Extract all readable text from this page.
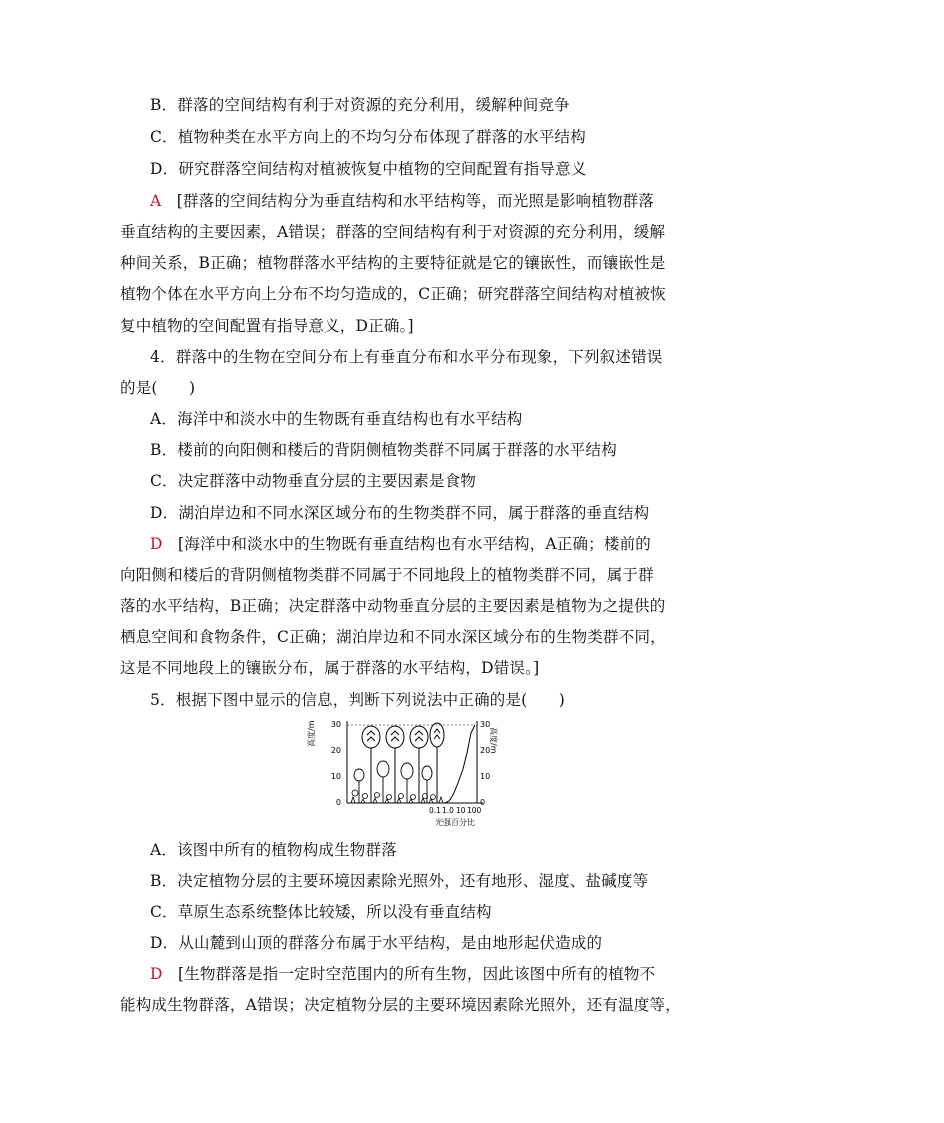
B．群落的空间结构有利于对资源的充分利用，缓解种间竞争
C．植物种类在水平方向上的不均匀分布体现了群落的水平结构
D．研究群落空间结构对植被恢复中植物的空间配置有指导意义
A [群落的空间结构分为垂直结构和水平结构等，而光照是影响植物群落
垂直结构的主要因素，A错误；群落的空间结构有利于对资源的充分利用，缓解
种间关系，B正确；植物群落水平结构的主要特征就是它的镶嵌性，而镶嵌性是
植物个体在水平方向上分布不均匀造成的，C正确；研究群落空间结构对植被恢
复中植物的空间配置有指导意义，D正确。]
4．群落中的生物在空间分布上有垂直分布和水平分布现象，下列叙述错误
的是(　　)
A．海洋中和淡水中的生物既有垂直结构也有水平结构
B．楼前的向阳侧和楼后的背阴侧植物类群不同属于群落的水平结构
C．决定群落中动物垂直分层的主要因素是食物
D．湖泊岸边和不同水深区域分布的生物类群不同，属于群落的垂直结构
D [海洋中和淡水中的生物既有垂直结构也有水平结构，A正确；楼前的
向阳侧和楼后的背阴侧植物类群不同属于不同地段上的植物类群不同，属于群
落的水平结构，B正确；决定群落中动物垂直分层的主要因素是植物为之提供的
栖息空间和食物条件，C正确；湖泊岸边和不同水深区域分布的生物类群不同，
这是不同地段上的镶嵌分布，属于群落的水平结构，D错误。]
5．根据下图中显示的信息，判断下列说法中正确的是(　　)
高度/m 30
20
10
0
30
20
10
0
高度/m
0.1 1.0 10 100
光强百分比
A．该图中所有的植物构成生物群落
B．决定植物分层的主要环境因素除光照外，还有地形、湿度、盐碱度等
C．草原生态系统整体比较矮，所以没有垂直结构
D．从山麓到山顶的群落分布属于水平结构，是由地形起伏造成的
D [生物群落是指一定时空范围内的所有生物，因此该图中所有的植物不
能构成生物群落，A错误；决定植物分层的主要环境因素除光照外，还有温度等，
